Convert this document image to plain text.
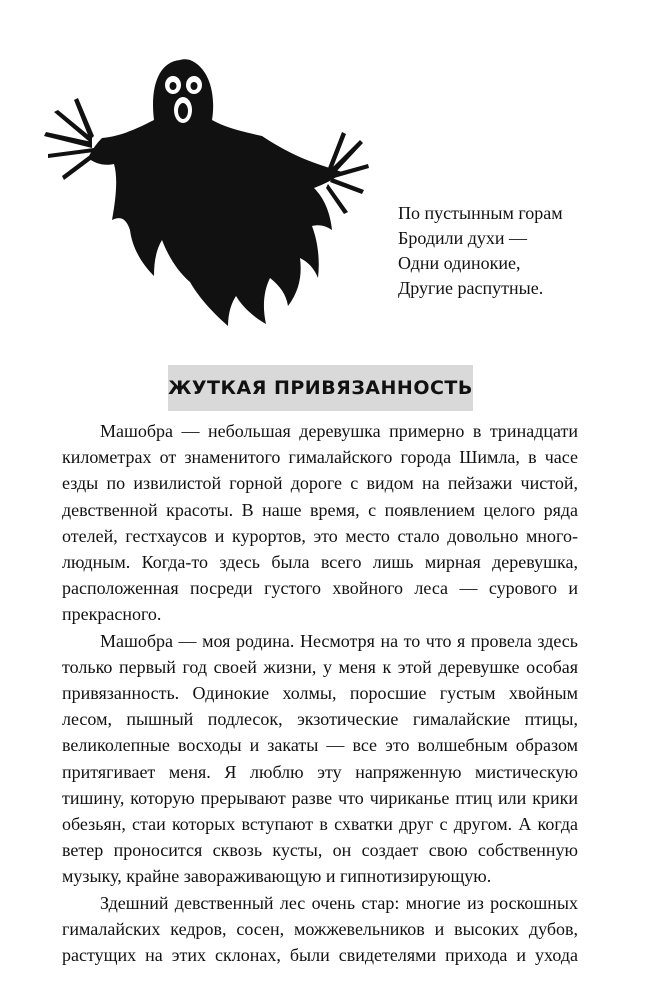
По пустынным горам
Бродили духи —
Одни одинокие,
Другие распутные.
ЖУТКАЯ ПРИВЯЗАННОСТЬ
Машобра — небольшая деревушка примерно в тринадцати
километрах от знаменитого гималайского города Шимла, в часе
езды по извилистой горной дороге с видом на пейзажи чистой,
девственной красоты. В наше время, с появлением целого ряда
отелей, гестхаусов и курортов, это место стало довольно много-
людным. Когда-то здесь была всего лишь мирная деревушка,
расположенная посреди густого хвойного леса — сурового и
прекрасного.
Машобра — моя родина. Несмотря на то что я провела здесь
только первый год своей жизни, у меня к этой деревушке особая
привязанность. Одинокие холмы, поросшие густым хвойным
лесом, пышный подлесок, экзотические гималайские птицы,
великолепные восходы и закаты — все это волшебным образом
притягивает меня. Я люблю эту напряженную мистическую
тишину, которую прерывают разве что чириканье птиц или крики
обезьян, стаи которых вступают в схватки друг с другом. А когда
ветер проносится сквозь кусты, он создает свою собственную
музыку, крайне завораживающую и гипнотизирующую.
Здешний девственный лес очень стар: многие из роскошных
гималайских кедров, сосен, можжевельников и высоких дубов,
растущих на этих склонах, были свидетелями прихода и ухода
